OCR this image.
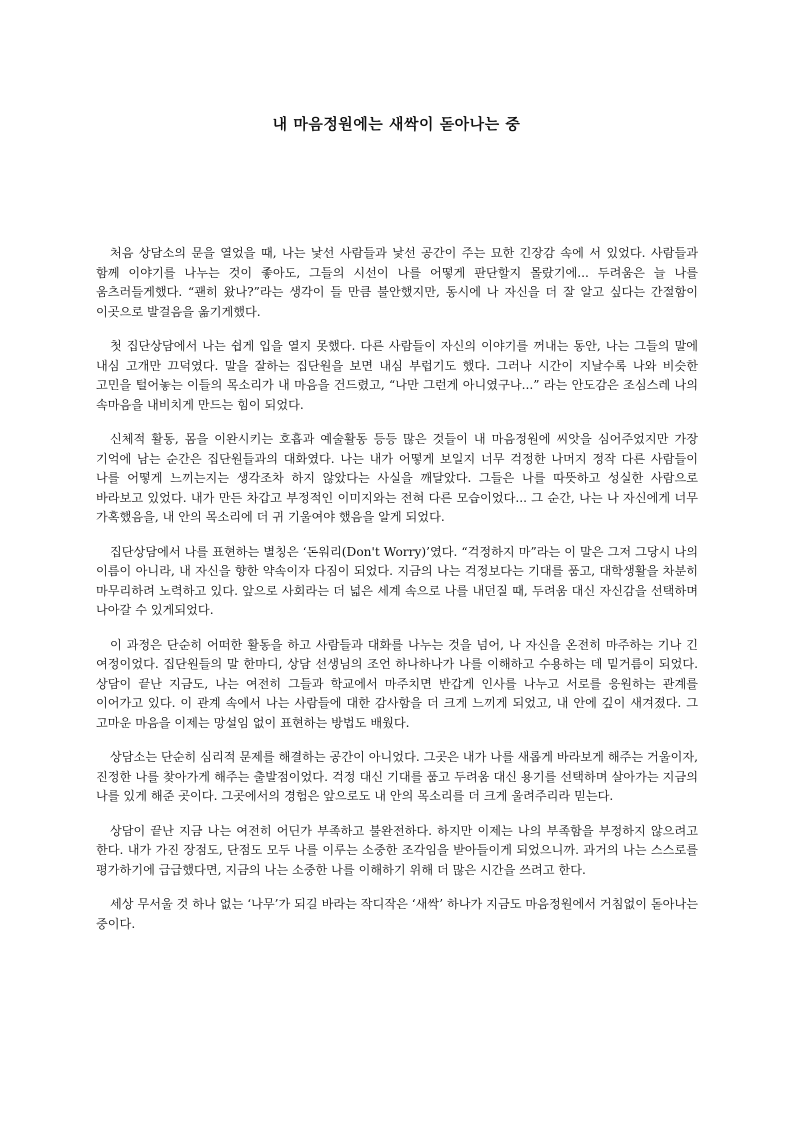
내 마음정원에는 새싹이 돋아나는 중

처음 상담소의 문을 열었을 때, 나는 낯선 사람들과 낯선 공간이 주는 묘한 긴장감 속에 서 있었다. 사람들과 함께 이야기를 나누는 것이 좋아도, 그들의 시선이 나를 어떻게 판단할지 몰랐기에... 두려움은 늘 나를 움츠러들게했다. “괜히 왔나?”라는 생각이 들 만큼 불안했지만, 동시에 나 자신을 더 잘 알고 싶다는 간절함이 이곳으로 발걸음을 옮기게했다.

첫 집단상담에서 나는 쉽게 입을 열지 못했다. 다른 사람들이 자신의 이야기를 꺼내는 동안, 나는 그들의 말에 내심 고개만 끄덕였다. 말을 잘하는 집단원을 보면 내심 부럽기도 했다. 그러나 시간이 지날수록 나와 비슷한 고민을 털어놓는 이들의 목소리가 내 마음을 건드렸고, “나만 그런게 아니였구나...” 라는 안도감은 조심스레 나의 속마음을 내비치게 만드는 힘이 되었다.

신체적 활동, 몸을 이완시키는 호흡과 예술활동 등등 많은 것들이 내 마음정원에 씨앗을 심어주었지만 가장 기억에 남는 순간은 집단원들과의 대화였다. 나는 내가 어떻게 보일지 너무 걱정한 나머지 정작 다른 사람들이 나를 어떻게 느끼는지는 생각조차 하지 않았다는 사실을 깨달았다. 그들은 나를 따뜻하고 성실한 사람으로 바라보고 있었다. 내가 만든 차갑고 부정적인 이미지와는 전혀 다른 모습이었다... 그 순간, 나는 나 자신에게 너무 가혹했음을, 내 안의 목소리에 더 귀 기울여야 했음을 알게 되었다.

집단상담에서 나를 표현하는 별칭은 ‘돈워리(Don't Worry)’였다. “걱정하지 마”라는 이 말은 그저 그당시 나의 이름이 아니라, 내 자신을 향한 약속이자 다짐이 되었다. 지금의 나는 걱정보다는 기대를 품고, 대학생활을 차분히 마무리하려 노력하고 있다. 앞으로 사회라는 더 넓은 세계 속으로 나를 내던질 때, 두려움 대신 자신감을 선택하며 나아갈 수 있게되었다.

이 과정은 단순히 어떠한 활동을 하고 사람들과 대화를 나누는 것을 넘어, 나 자신을 온전히 마주하는 기나 긴 여정이었다. 집단원들의 말 한마디, 상담 선생님의 조언 하나하나가 나를 이해하고 수용하는 데 밑거름이 되었다. 상담이 끝난 지금도, 나는 여전히 그들과 학교에서 마주치면 반갑게 인사를 나누고 서로를 응원하는 관계를 이어가고 있다. 이 관계 속에서 나는 사람들에 대한 감사함을 더 크게 느끼게 되었고, 내 안에 깊이 새겨졌다. 그 고마운 마음을 이제는 망설임 없이 표현하는 방법도 배웠다.

상담소는 단순히 심리적 문제를 해결하는 공간이 아니었다. 그곳은 내가 나를 새롭게 바라보게 해주는 거울이자, 진정한 나를 찾아가게 해주는 출발점이었다. 걱정 대신 기대를 품고 두려움 대신 용기를 선택하며 살아가는 지금의 나를 있게 해준 곳이다. 그곳에서의 경험은 앞으로도 내 안의 목소리를 더 크게 울려주리라 믿는다.

상담이 끝난 지금 나는 여전히 어딘가 부족하고 불완전하다. 하지만 이제는 나의 부족함을 부정하지 않으려고 한다. 내가 가진 장점도, 단점도 모두 나를 이루는 소중한 조각임을 받아들이게 되었으니까. 과거의 나는 스스로를 평가하기에 급급했다면, 지금의 나는 소중한 나를 이해하기 위해 더 많은 시간을 쓰려고 한다.

세상 무서울 것 하나 없는 ‘나무’가 되길 바라는 작디작은 ‘새싹’ 하나가 지금도 마음정원에서 거침없이 돋아나는 중이다.
